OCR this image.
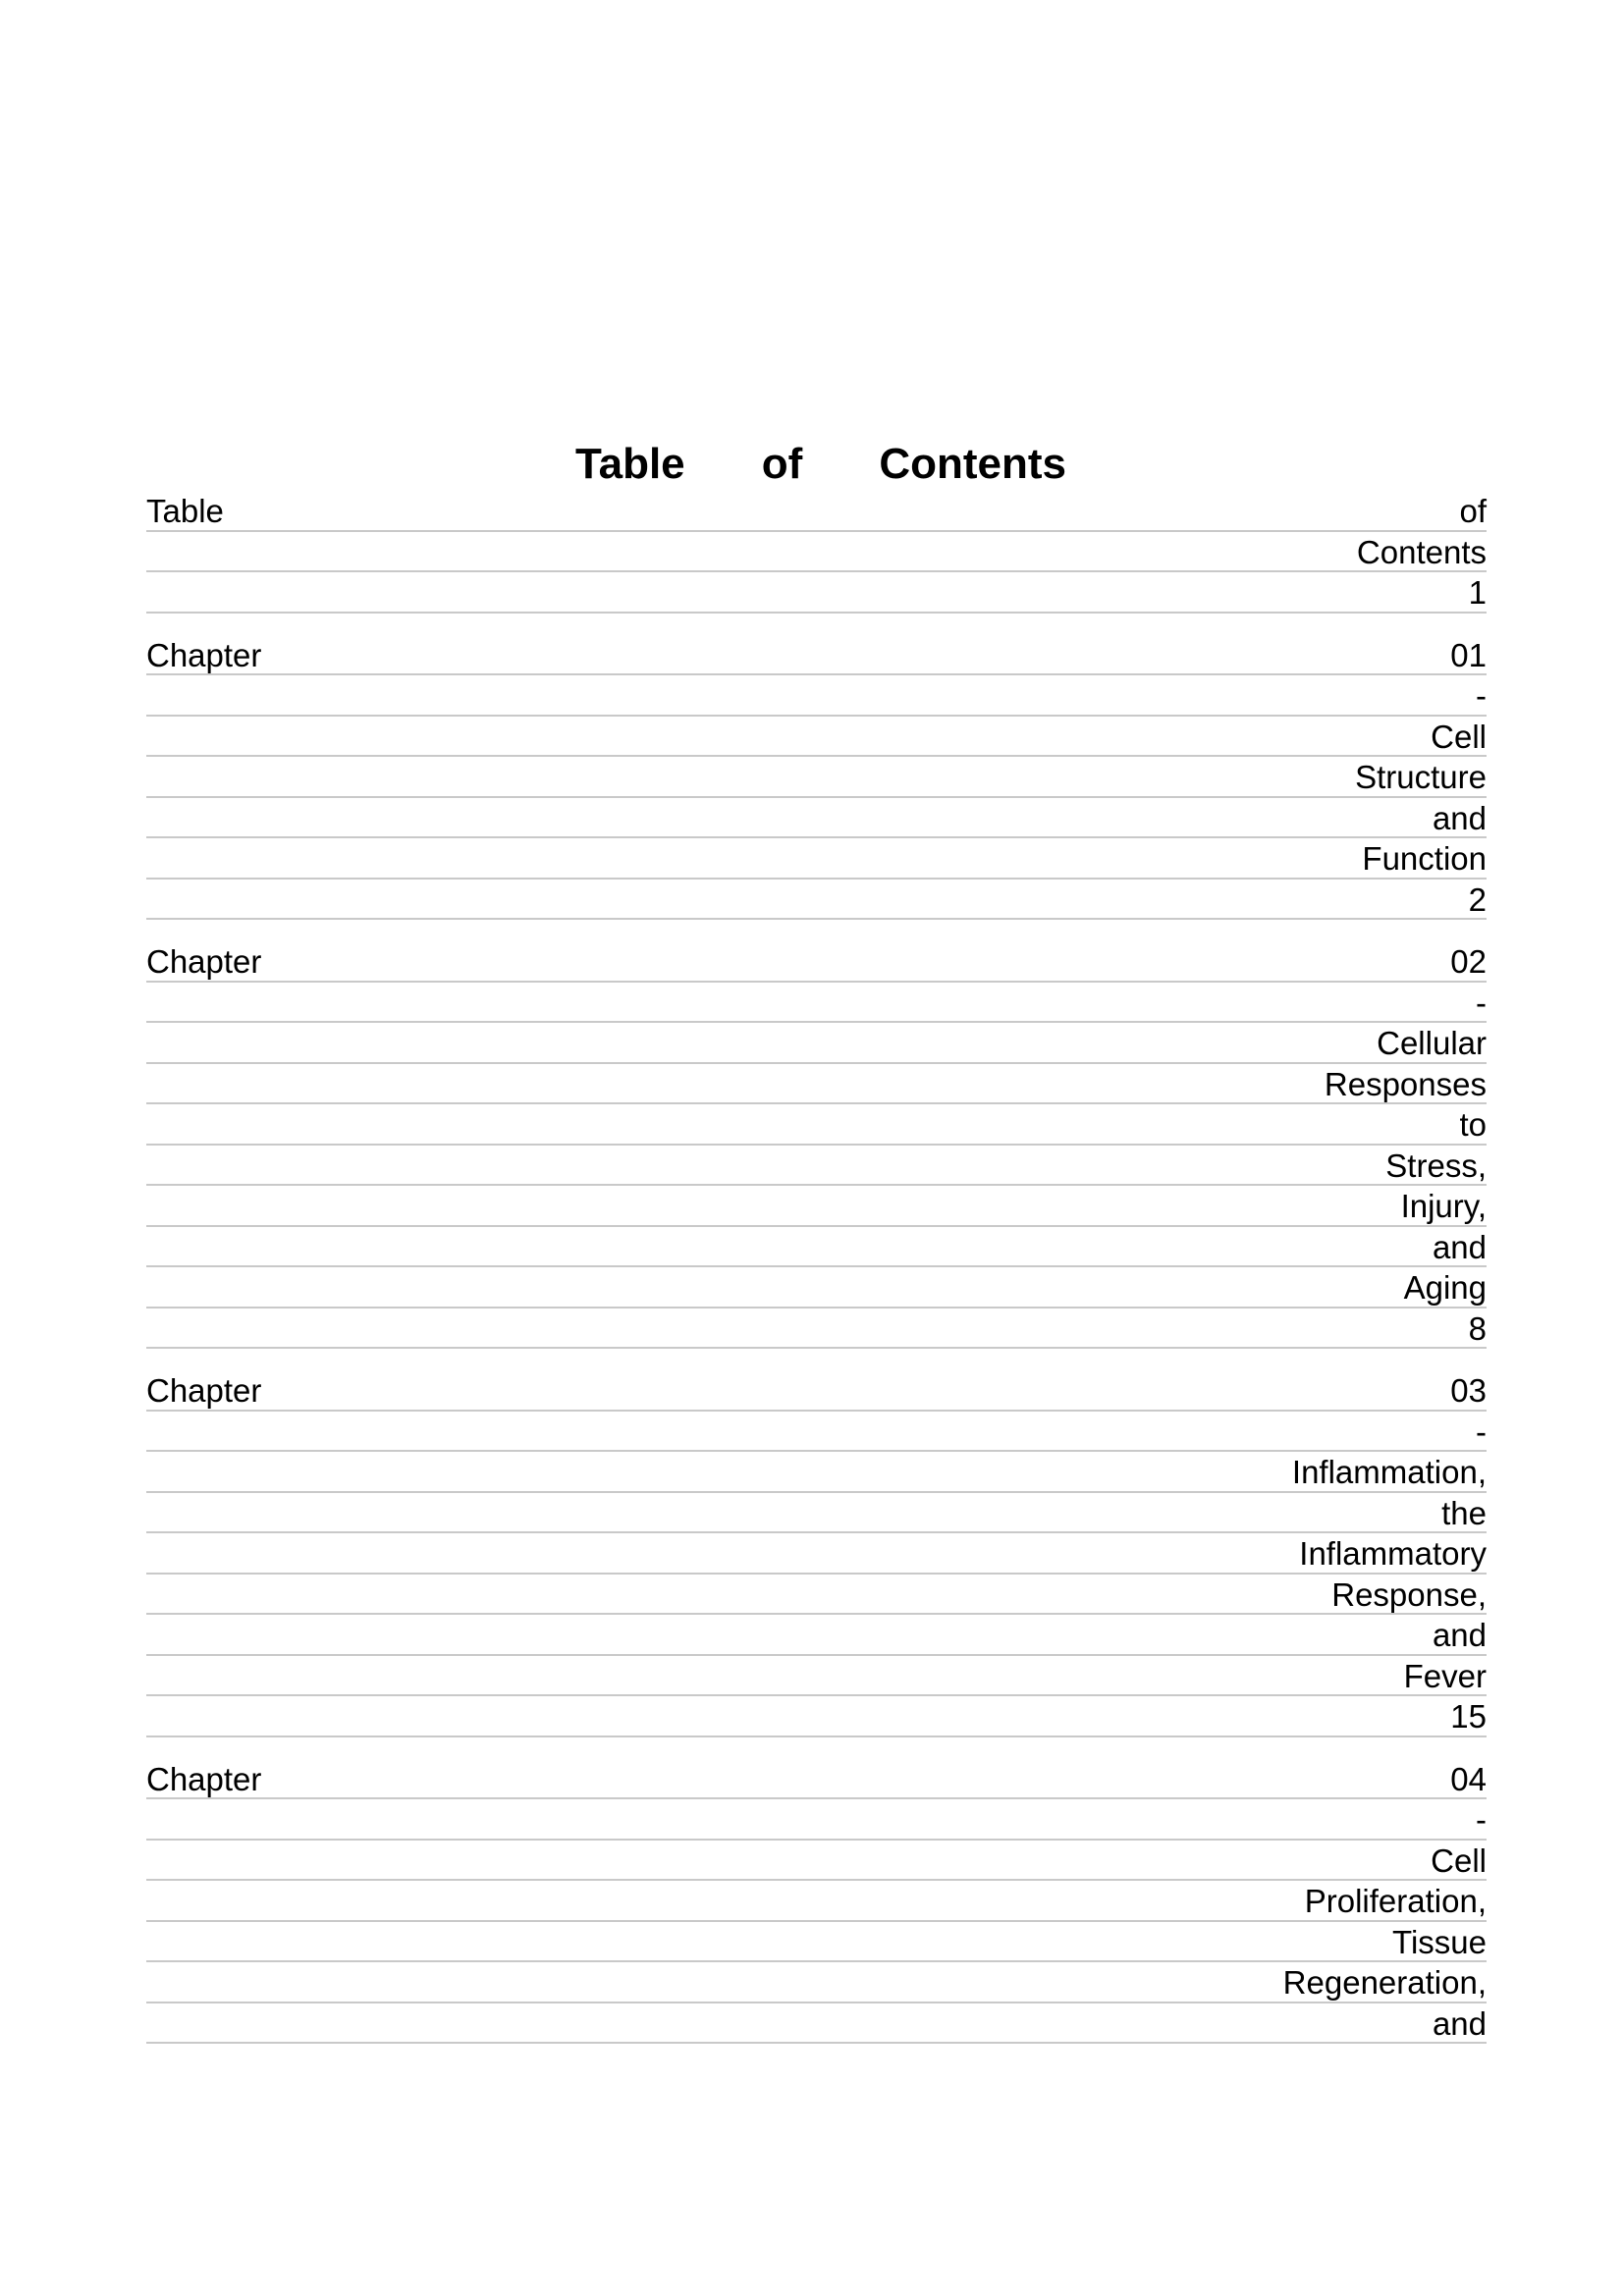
Table of Contents
Table	of
Contents
1
Chapter	01
-
Cell
Structure
and
Function
2
Chapter	02
-
Cellular
Responses
to
Stress,
Injury,
and
Aging
8
Chapter	03
-
Inflammation,
the
Inflammatory
Response,
and
Fever
15
Chapter	04
-
Cell
Proliferation,
Tissue
Regeneration,
and
